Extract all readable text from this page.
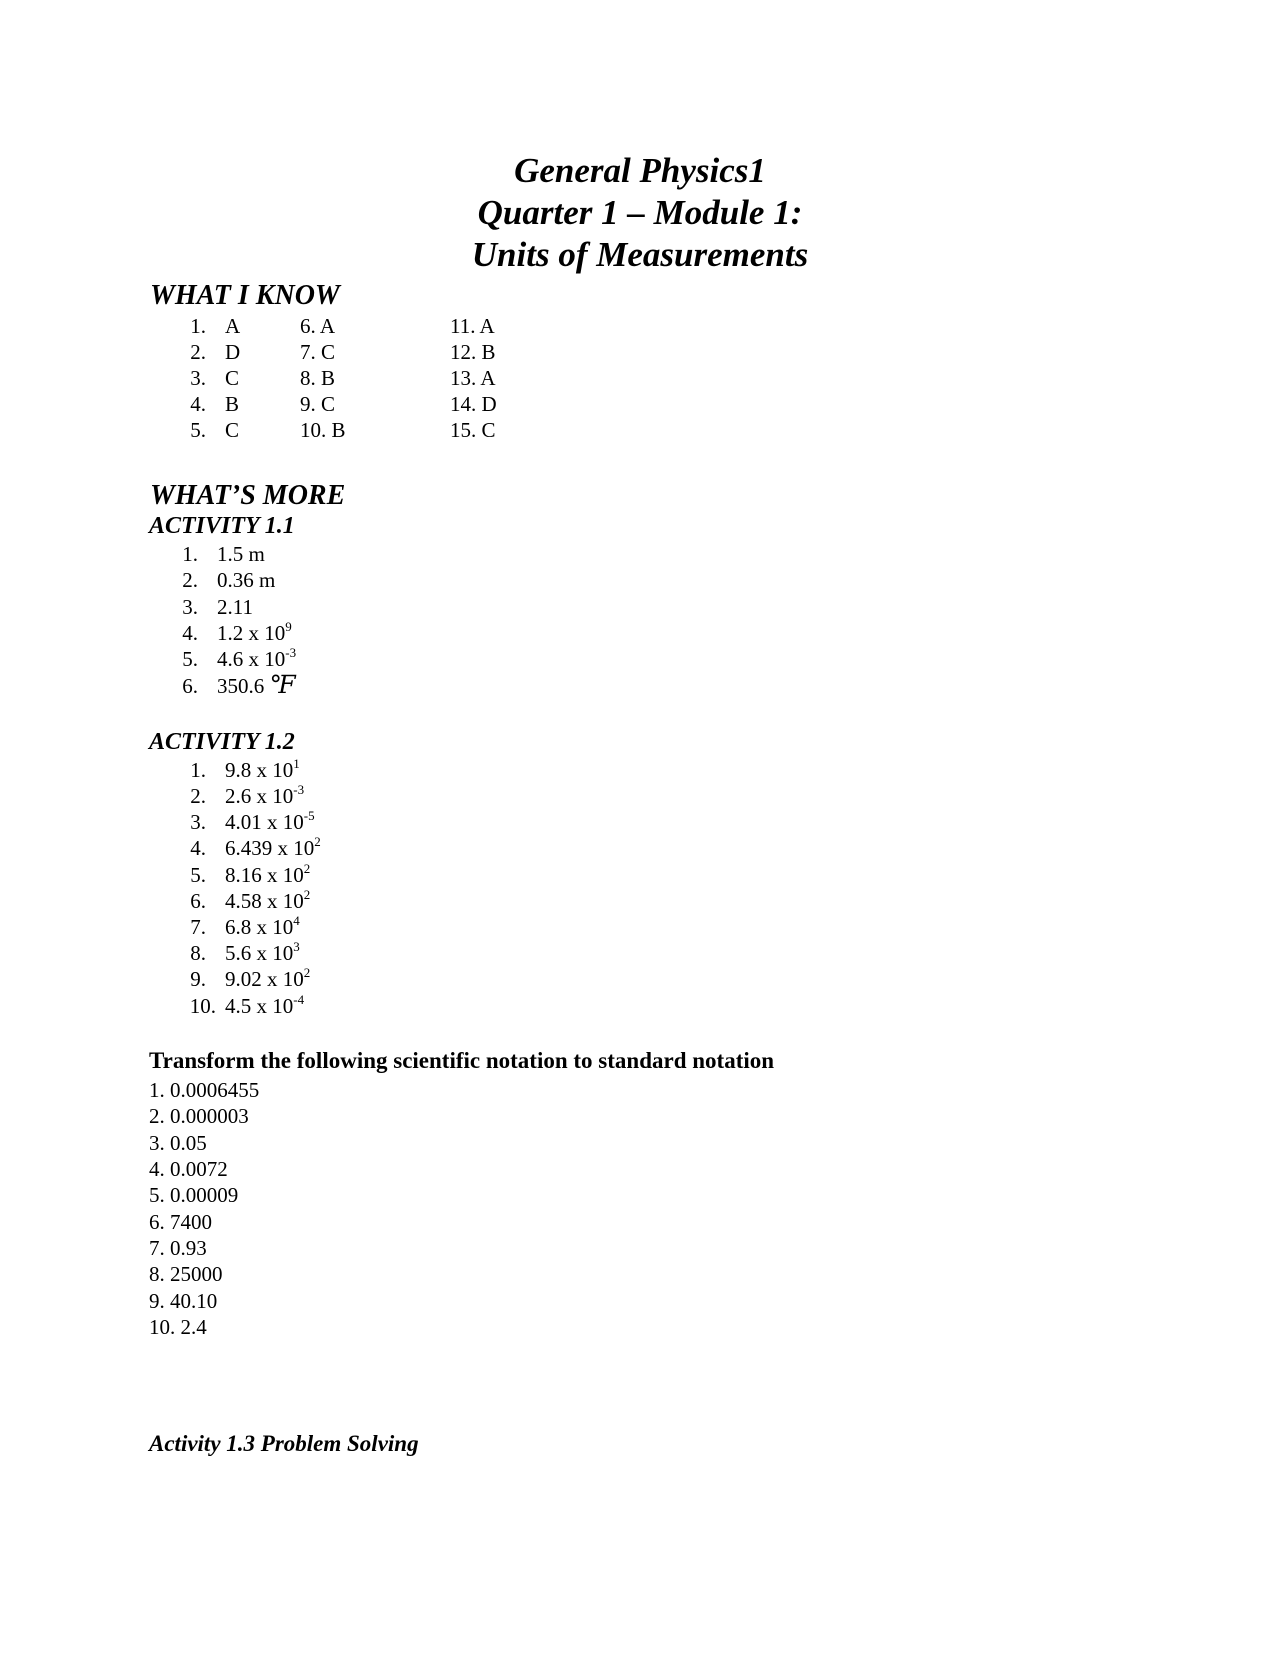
General Physics1
Quarter 1 – Module 1:
Units of Measurements
WHAT I KNOW
1. A
2. D
3. C
4. B
5. C
6. A
7. C
8. B
9. C
10. B
11. A
12. B
13. A
14. D
15. C
WHAT’S MORE
ACTIVITY 1.1
1. 1.5 m
2. 0.36 m
3. 2.11
4. 1.2 x $10^9$
5. 4.6 x $10^{-3}$
6. 350.6 ℉
ACTIVITY 1.2
1. 9.8 x $10^1$
2. 2.6 x $10^{-3}$
3. 4.01 x $10^{-5}$
4. 6.439 x $10^2$
5. 8.16 x $10^2$
6. 4.58 x $10^2$
7. 6.8 x $10^4$
8. 5.6 x $10^3$
9. 9.02 x $10^2$
10. 4.5 x $10^{-4}$
Transform the following scientific notation to standard notation
1. 0.0006455
2. 0.000003
3. 0.05
4. 0.0072
5. 0.00009
6. 7400
7. 0.93
8. 25000
9. 40.10
10. 2.4
Activity 1.3 Problem Solving
